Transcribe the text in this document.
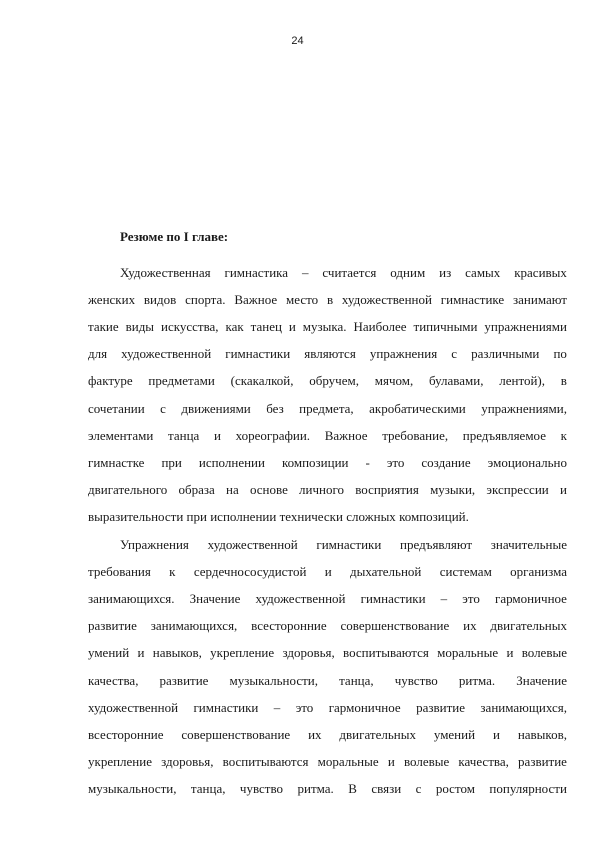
24
Резюме по I главе:
Художественная гимнастика – считается одним из самых красивых
женских видов спорта. Важное место в художественной гимнастике занимают
такие виды искусства, как танец и музыка. Наиболее типичными упражнениями
для художественной гимнастики являются упражнения с различными по
фактуре предметами (скакалкой, обручем, мячом, булавами, лентой), в
сочетании с движениями без предмета, акробатическими упражнениями,
элементами танца и хореографии. Важное требование, предъявляемое к
гимнастке при исполнении композиции - это создание эмоционально
двигательного образа на основе личного восприятия музыки, экспрессии и
выразительности при исполнении технически сложных композиций.
Упражнения художественной гимнастики предъявляют значительные
требования к сердечнососудистой и дыхательной системам организма
занимающихся. Значение художественной гимнастики – это гармоничное
развитие занимающихся, всесторонние совершенствование их двигательных
умений и навыков, укрепление здоровья, воспитываются моральные и волевые
качества, развитие музыкальности, танца, чувство ритма. Значение
художественной гимнастики – это гармоничное развитие занимающихся,
всесторонние совершенствование их двигательных умений и навыков,
укрепление здоровья, воспитываются моральные и волевые качества, развитие
музыкальности, танца, чувство ритма. В связи с ростом популярности
